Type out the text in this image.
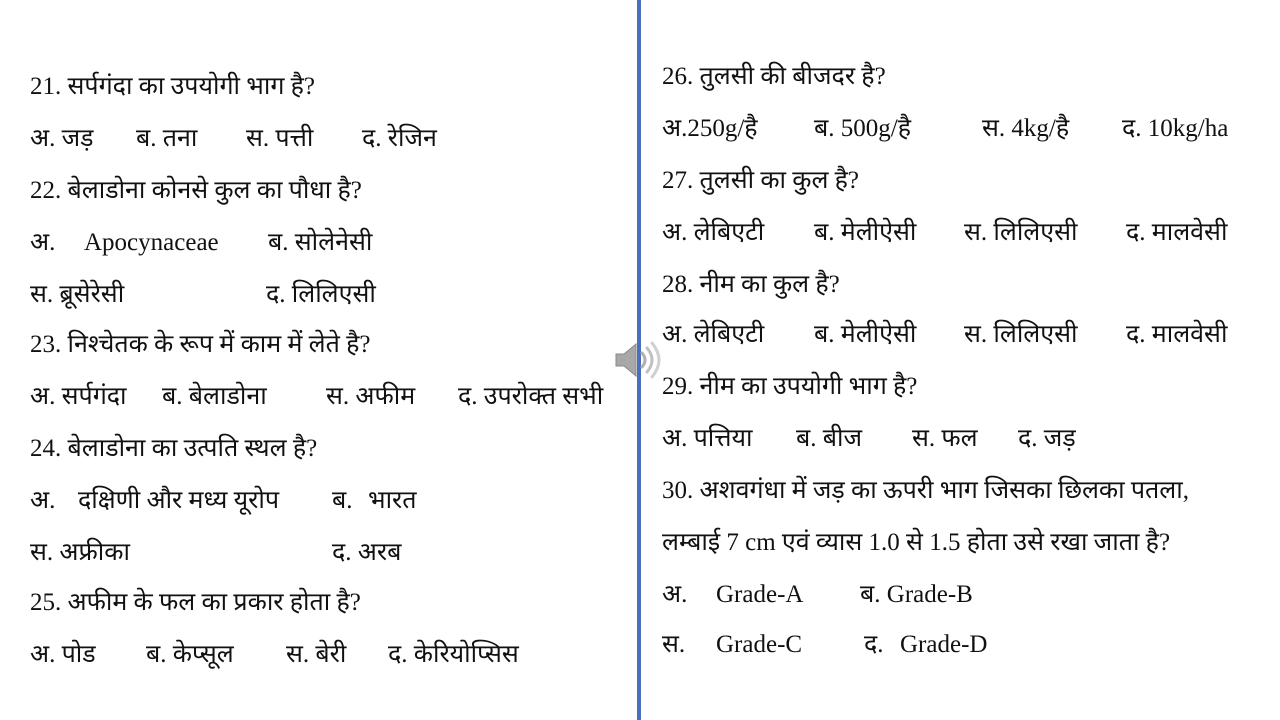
21. सर्पगंदा का उपयोगी भाग है?
अ. जड़ ब. तना स. पत्ती द. रेजिन
22. बेलाडोना कोनसे कुल का पौधा है?
अ. Apocynaceae ब. सोलेनेसी
स. ब्रूसेरेसी	द. लिलिएसी
23. निश्चेतक के रूप में काम में लेते है?
अ. सर्पगंदा ब. बेलाडोना स. अफीम द. उपरोक्त सभी
24. बेलाडोना का उत्पति स्थल है?
अ. दक्षिणी और मध्य यूरोप ब. भारत
स. अफ्रीका	द. अरब
25. अफीम के फल का प्रकार होता है?
अ. पोड ब. केप्सूल स. बेरी द. केरियोप्सिस
26. तुलसी की बीजदर है?
अ.250g/है ब. 500g/है	स. 4kg/है द. 10kg/ha
27. तुलसी का कुल है?
अ. लेबिएटी ब. मेलीऐसी स. लिलिएसी द. मालवेसी
28. नीम का कुल है?
अ. लेबिएटी ब. मेलीऐसी स. लिलिएसी द. मालवेसी
29. नीम का उपयोगी भाग है?
अ. पत्तिया ब. बीज स. फल द. जड़
30. अशवगंधा में जड़ का ऊपरी भाग जिसका छिलका पतला,
लम्बाई 7 cm एवं व्यास 1.0 से 1.5 होता उसे रखा जाता है?
अ. Grade-A ब. Grade-B
स. Grade-C द. Grade-D
